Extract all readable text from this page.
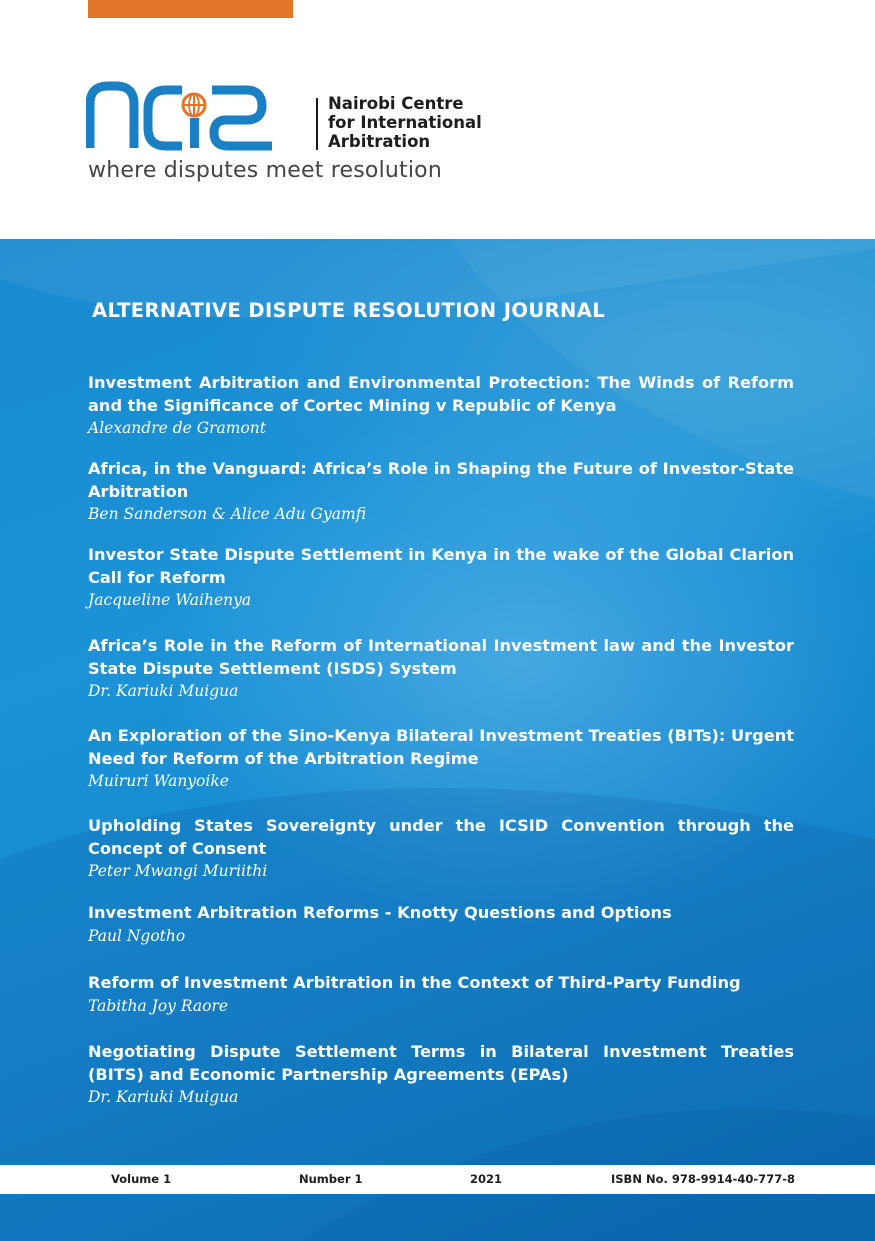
Nairobi Centre
for International
Arbitration

where disputes meet resolution
ALTERNATIVE DISPUTE RESOLUTION JOURNAL

Investment Arbitration and Environmental Protection: The Winds of Reform and the Significance of Cortec Mining v Republic of Kenya

Alexandre de Gramont

Africa, in the Vanguard: Africa’s Role in Shaping the Future of Investor-State Arbitration

Ben Sanderson & Alice Adu Gyamfi

Investor State Dispute Settlement in Kenya in the wake of the Global Clarion Call for Reform

Jacqueline Waihenya

Africa’s Role in the Reform of International Investment law and the Investor State Dispute Settlement (ISDS) System

Dr. Kariuki Muigua

An Exploration of the Sino-Kenya Bilateral Investment Treaties (BITs): Urgent Need for Reform of the Arbitration Regime

Muiruri Wanyoike

Upholding States Sovereignty under the ICSID Convention through the Concept of Consent

Peter Mwangi Muriithi

Investment Arbitration Reforms - Knotty Questions and Options

Paul Ngotho

Reform of Investment Arbitration in the Context of Third-Party Funding

Tabitha Joy Raore

Negotiating Dispute Settlement Terms in Bilateral Investment Treaties (BITS) and Economic Partnership Agreements (EPAs)

Dr. Kariuki Muigua

Volume 1	Number 1	2021	ISBN No. 978-9914-40-777-8
